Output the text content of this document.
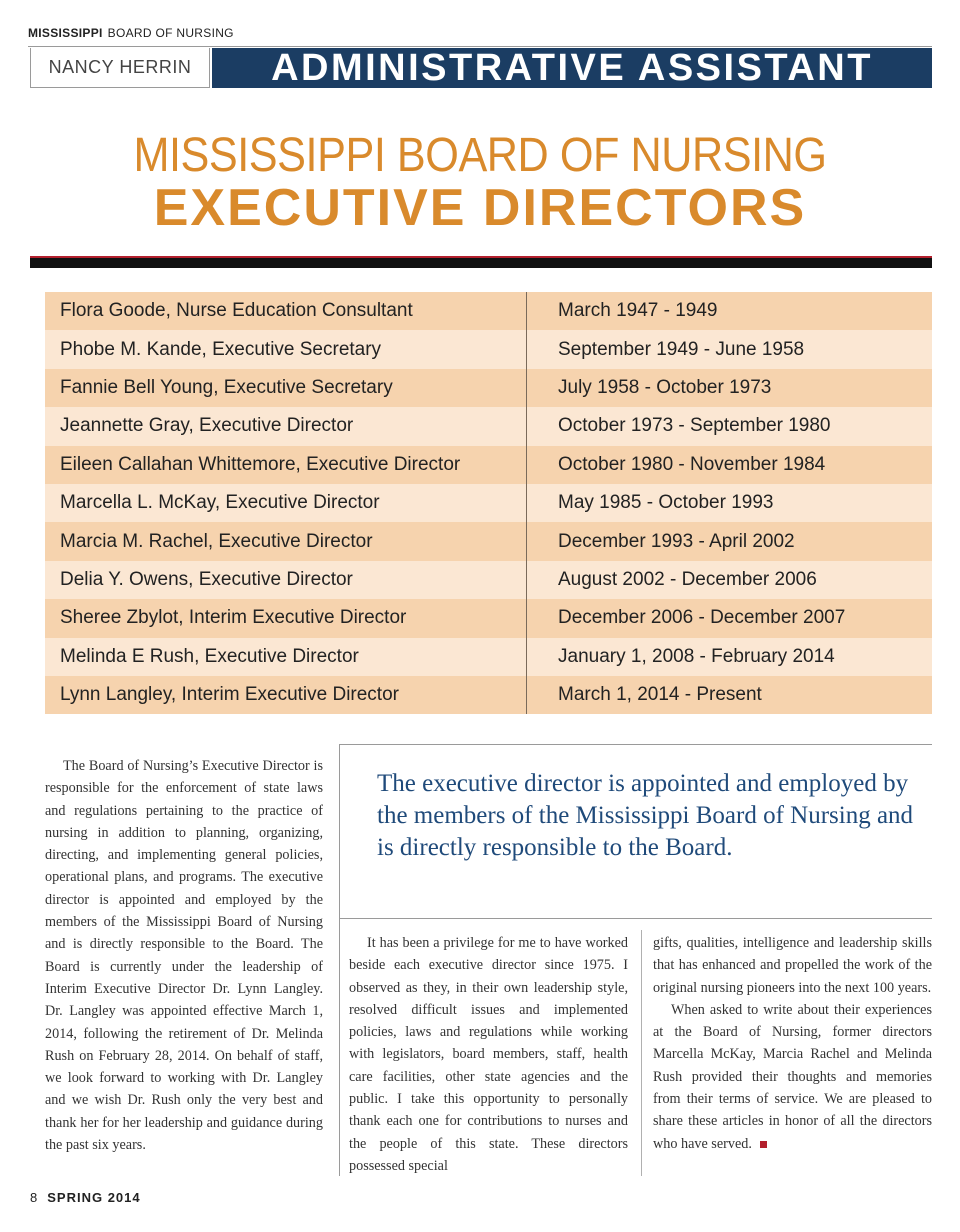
MISSISSIPPI BOARD OF NURSING
NANCY HERRIN	ADMINISTRATIVE ASSISTANT
MISSISSIPPI BOARD OF NURSING
EXECUTIVE DIRECTORS
Flora Goode, Nurse Education Consultant	March 1947 - 1949
Phobe M. Kande, Executive Secretary	September 1949 - June 1958
Fannie Bell Young, Executive Secretary	July 1958 - October 1973
Jeannette Gray, Executive Director	October 1973 - September 1980
Eileen Callahan Whittemore, Executive Director	October 1980 - November 1984
Marcella L. McKay, Executive Director	May 1985 - October 1993
Marcia M. Rachel, Executive Director	December 1993 - April 2002
Delia Y. Owens, Executive Director	August 2002 - December 2006
Sheree Zbylot, Interim Executive Director	December 2006 - December 2007
Melinda E Rush, Executive Director	January 1, 2008 - February 2014
Lynn Langley, Interim Executive Director	March 1, 2014 - Present

The Board of Nursing’s Executive Director is responsible for the enforcement of state laws and regulations pertaining to the practice of nursing in addition to planning, organizing, directing, and implementing general policies, operational plans, and programs. The executive director is appointed and employed by the members of the Mississippi Board of Nursing and is directly responsible to the Board. The Board is currently under the leadership of Interim Executive Director Dr. Lynn Langley. Dr. Langley was appointed effective March 1, 2014, following the retirement of Dr. Melinda Rush on February 28, 2014. On behalf of staff, we look forward to working with Dr. Langley and we wish Dr. Rush only the very best and thank her for her leadership and guidance during the past six years.

The executive director is appointed and employed by the members of the Mississippi Board of Nursing and is directly responsible to the Board.

It has been a privilege for me to have worked beside each executive director since 1975. I observed as they, in their own leadership style, resolved difficult issues and implemented policies, laws and regulations while working with legislators, board members, staff, health care facilities, other state agencies and the public. I take this opportunity to personally thank each one for contributions to nurses and the people of this state. These directors possessed special

gifts, qualities, intelligence and leadership skills that has enhanced and propelled the work of the original nursing pioneers into the next 100 years.

When asked to write about their experiences at the Board of Nursing, former directors Marcella McKay, Marcia Rachel and Melinda Rush provided their thoughts and memories from their terms of service. We are pleased to share these articles in honor of all the directors who have served.

8 SPRING 2014
